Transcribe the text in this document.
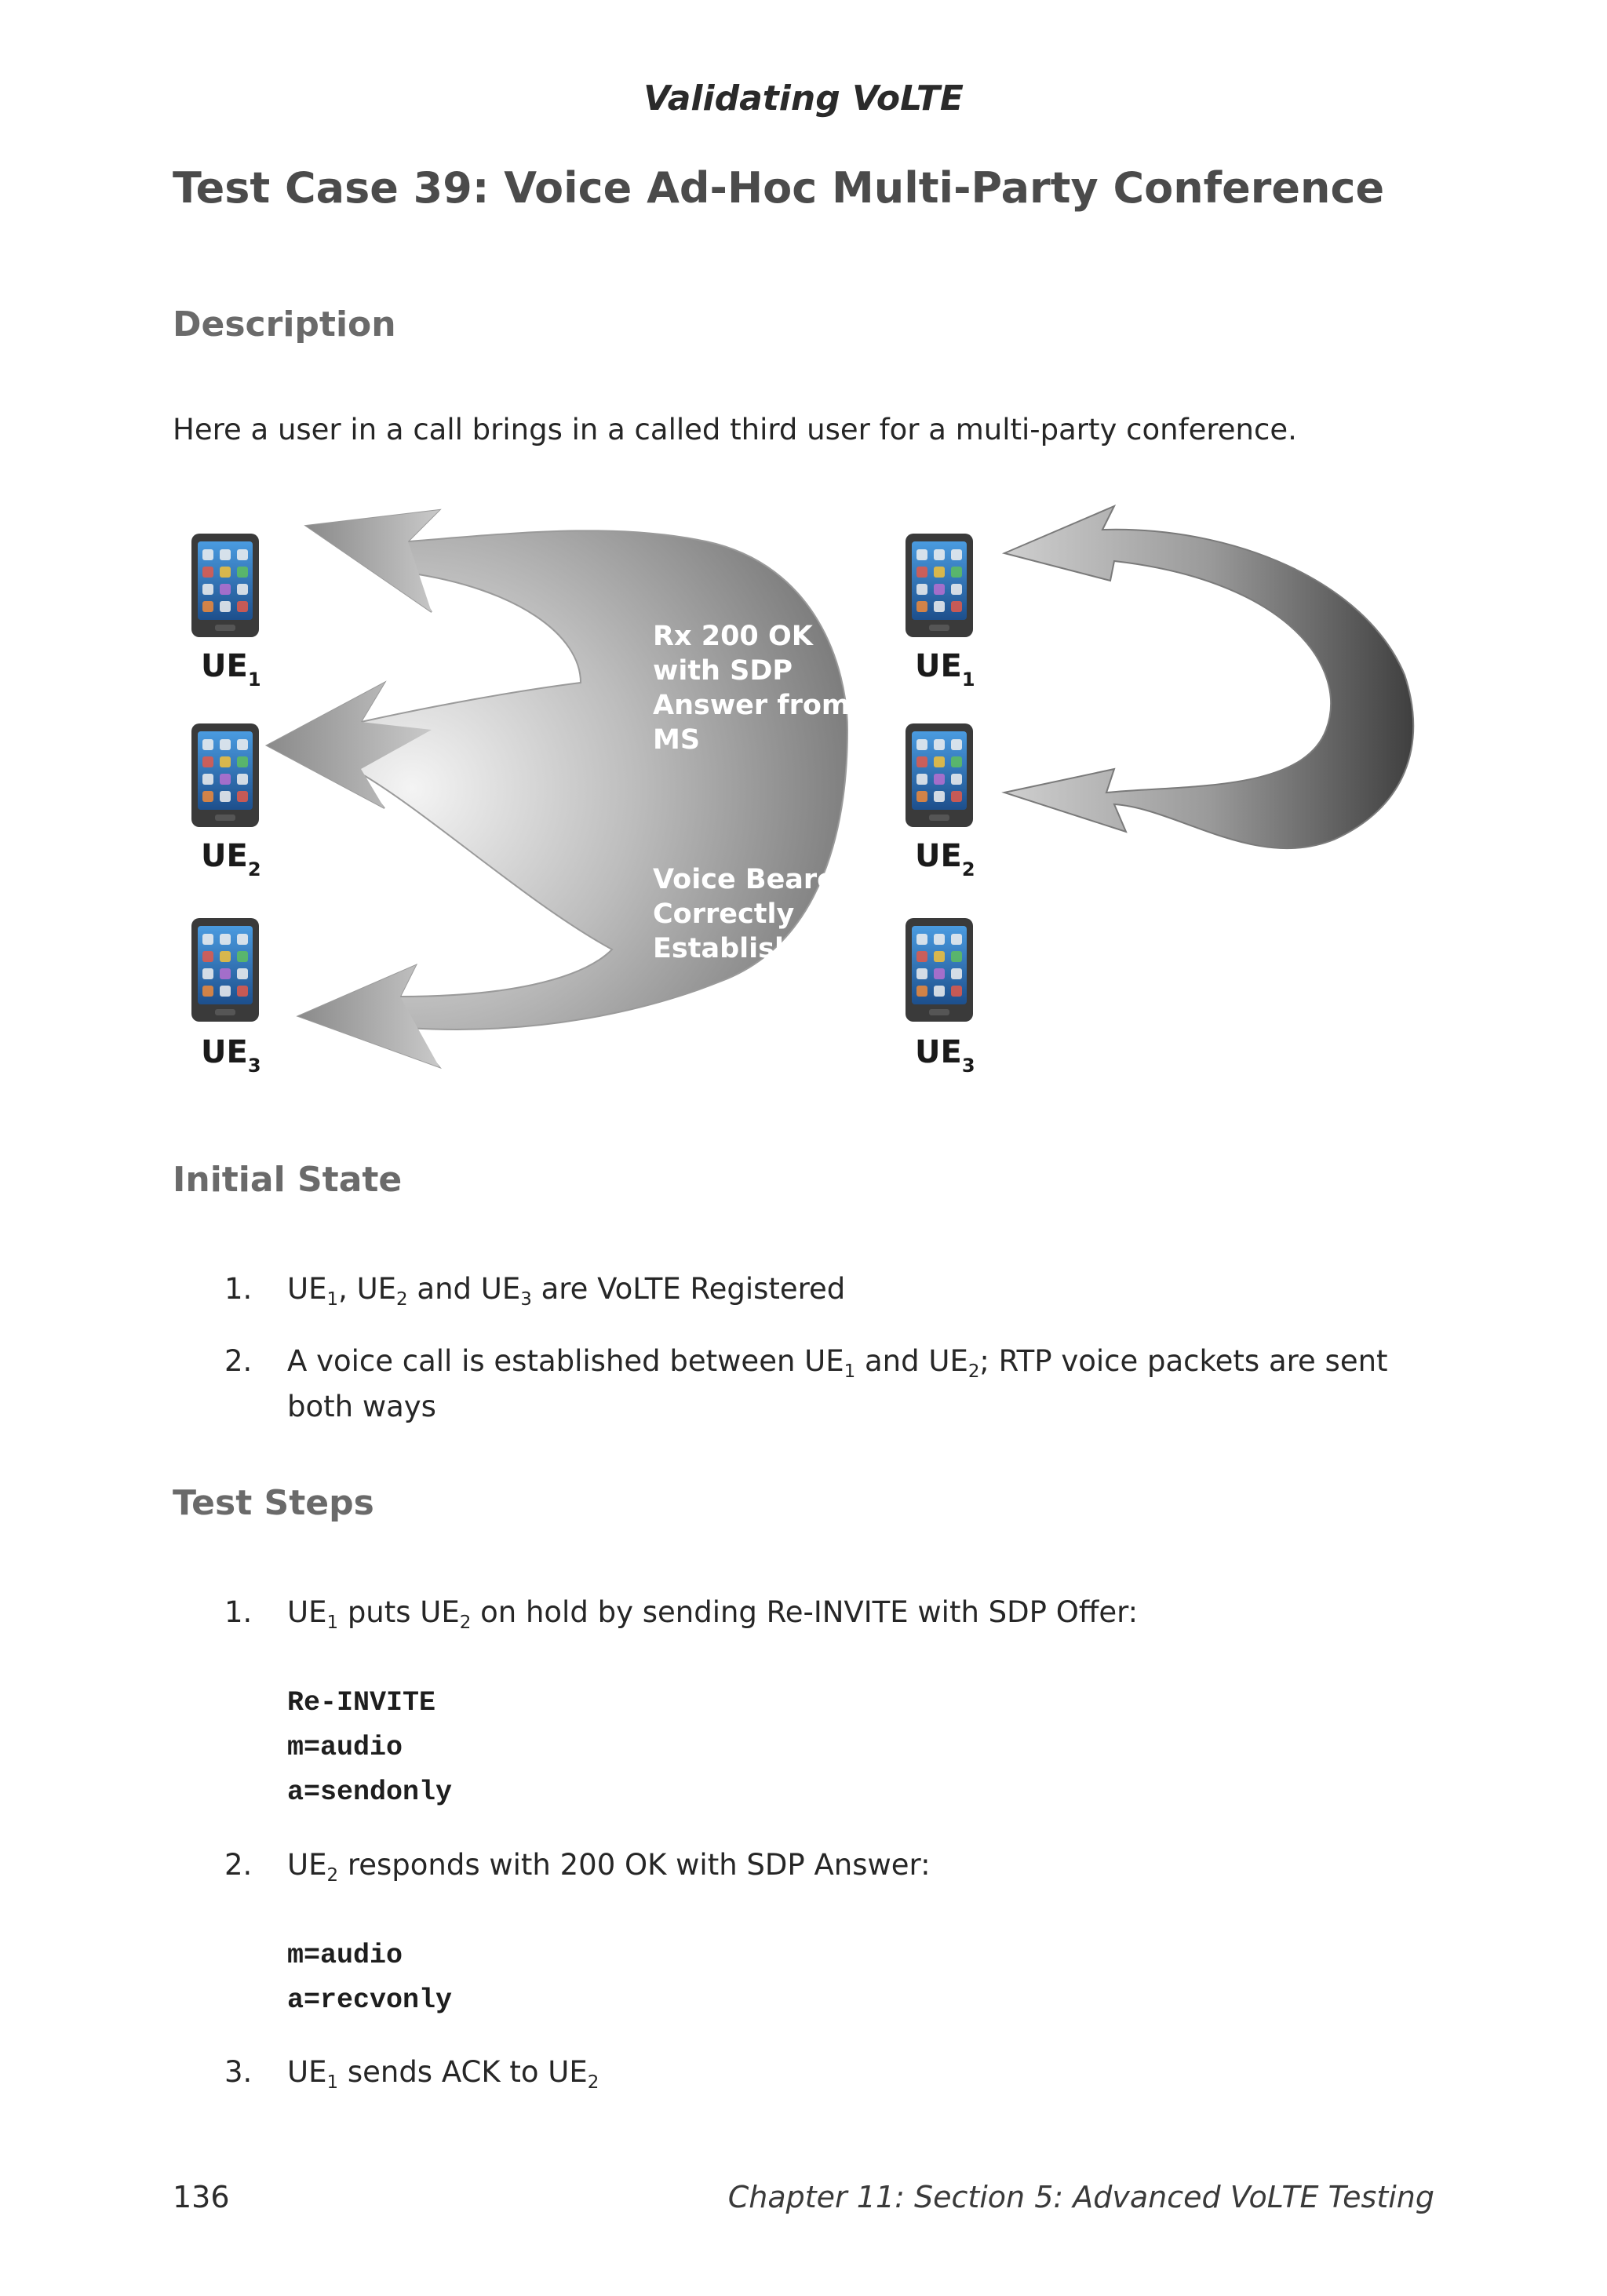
Validating VoLTE
Test Case 39: Voice Ad-Hoc Multi-Party Conference
Description
Here a user in a call brings in a called third user for a multi-party conference.
Rx 200 OK
with SDP
Answer from
MS
Voice Bearers
Correctly
Established
$UE_1$
$UE_2$
$UE_3$
$UE_1$
$UE_2$
$UE_3$
Initial State
1. $UE_1$, $UE_2$ and $UE_3$ are VoLTE Registered
2. A voice call is established between $UE_1$ and $UE_2$; RTP voice packets are sent both ways
Test Steps
1. $UE_1$ puts $UE_2$ on hold by sending Re-INVITE with SDP Offer:
Re-INVITE
m=audio
a=sendonly
2. $UE_2$ responds with 200 OK with SDP Answer:
m=audio
a=recvonly
3. $UE_1$ sends ACK to $UE_2$
136	Chapter 11: Section 5: Advanced VoLTE Testing
